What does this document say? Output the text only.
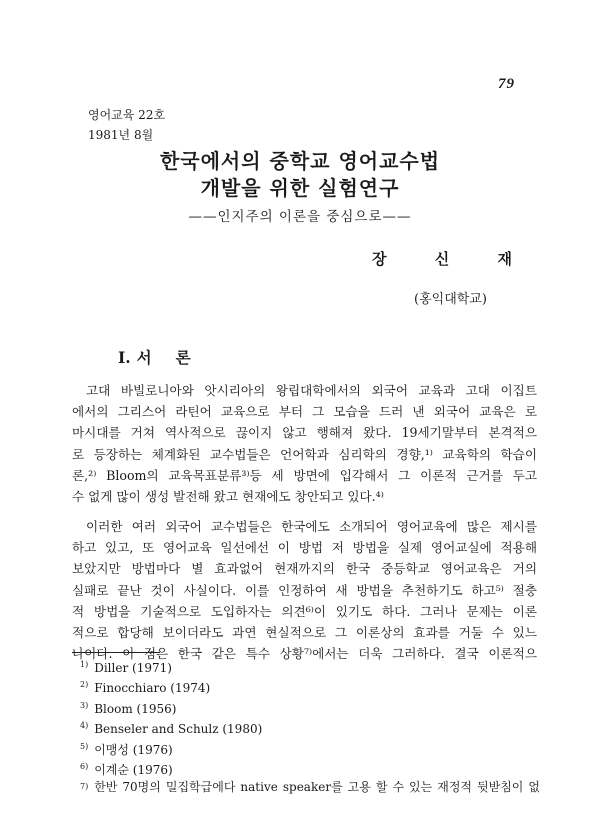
79
영어교육 22호
1981년 8월
한국에서의 중학교 영어교수법
개발을 위한 실험연구
——인지주의 이론을 중심으로——
장	신	재
(홍익대학교)
I. 서 론
고대 바빌로니아와 앗시리아의 왕립대학에서의 외국어 교육과 고대 이집트
에서의 그리스어 라틴어 교육으로 부터 그 모습을 드러 낸 외국어 교육은 로
마시대를 거쳐 역사적으로 끊이지 않고 행해져 왔다. 19세기말부터 본격적으
로 등장하는 체계화된 교수법들은 언어학과 심리학의 경향,¹⁾ 교육학의 학습이
론,²⁾ Bloom의 교육목표분류³⁾등 세 방면에 입각해서 그 이론적 근거를 두고
수 없게 많이 생성 발전해 왔고 현재에도 창안되고 있다.⁴⁾
이러한 여러 외국어 교수법들은 한국에도 소개되어 영어교육에 많은 제시를
하고 있고, 또 영어교육 일선에선 이 방법 저 방법을 실제 영어교실에 적용해
보았지만 방법마다 별 효과없어 현재까지의 한국 중등학교 영어교육은 거의
실패로 끝난 것이 사실이다. 이를 인정하여 새 방법을 추천하기도 하고⁵⁾ 절충
적 방법을 기술적으로 도입하자는 의견⁶⁾이 있기도 하다. 그러나 문제는 이론
적으로 합당해 보이더라도 과연 현실적으로 그 이론상의 효과를 거둘 수 있느
나이다. 이 점은 한국 같은 특수 상황⁷⁾에서는 더욱 그러하다. 결국 이론적으
$^{1)}$ Diller (1971)
$^{2)}$ Finocchiaro (1974)
$^{3)}$ Bloom (1956)
$^{4)}$ Benseler and Schulz (1980)
$^{5)}$ 이맹성 (1976)
$^{6)}$ 이계순 (1976)
7) 한반 70명의 밀집학급에다 native speaker를 고용 할 수 있는 재정적 뒷받침이 없
